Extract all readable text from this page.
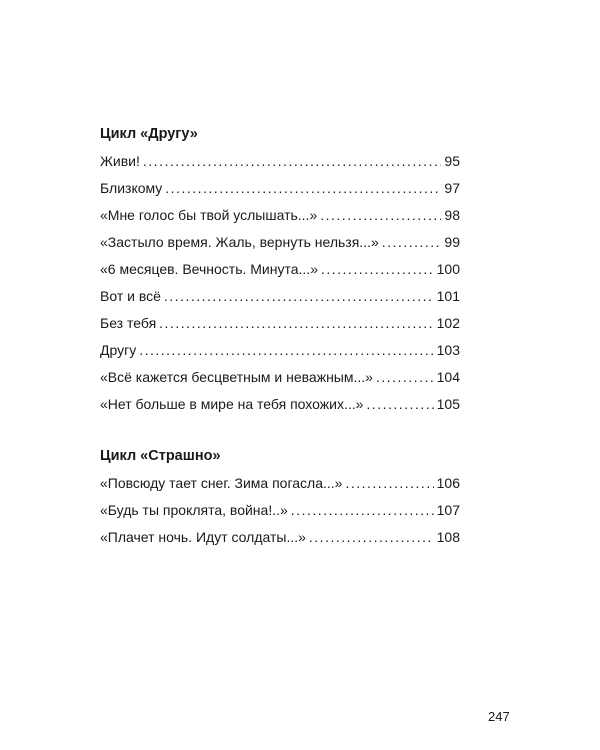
Цикл «Другу»
Живи! .....	95
Близкому .....	97
«Мне голос бы твой услышать...» .....	98
«Застыло время. Жаль, вернуть нельзя...» .....	99
«6 месяцев. Вечность. Минута...» .....	100
Вот и всё .....	101
Без тебя .....	102
Другу .....	103
«Всё кажется бесцветным и неважным...» .....	104
«Нет больше в мире на тебя похожих...» .....	105
Цикл «Страшно»
«Повсюду тает снег. Зима погасла...» .....	106
«Будь ты проклята, война!..» .....	107
«Плачет ночь. Идут солдаты...» .....	108
247
